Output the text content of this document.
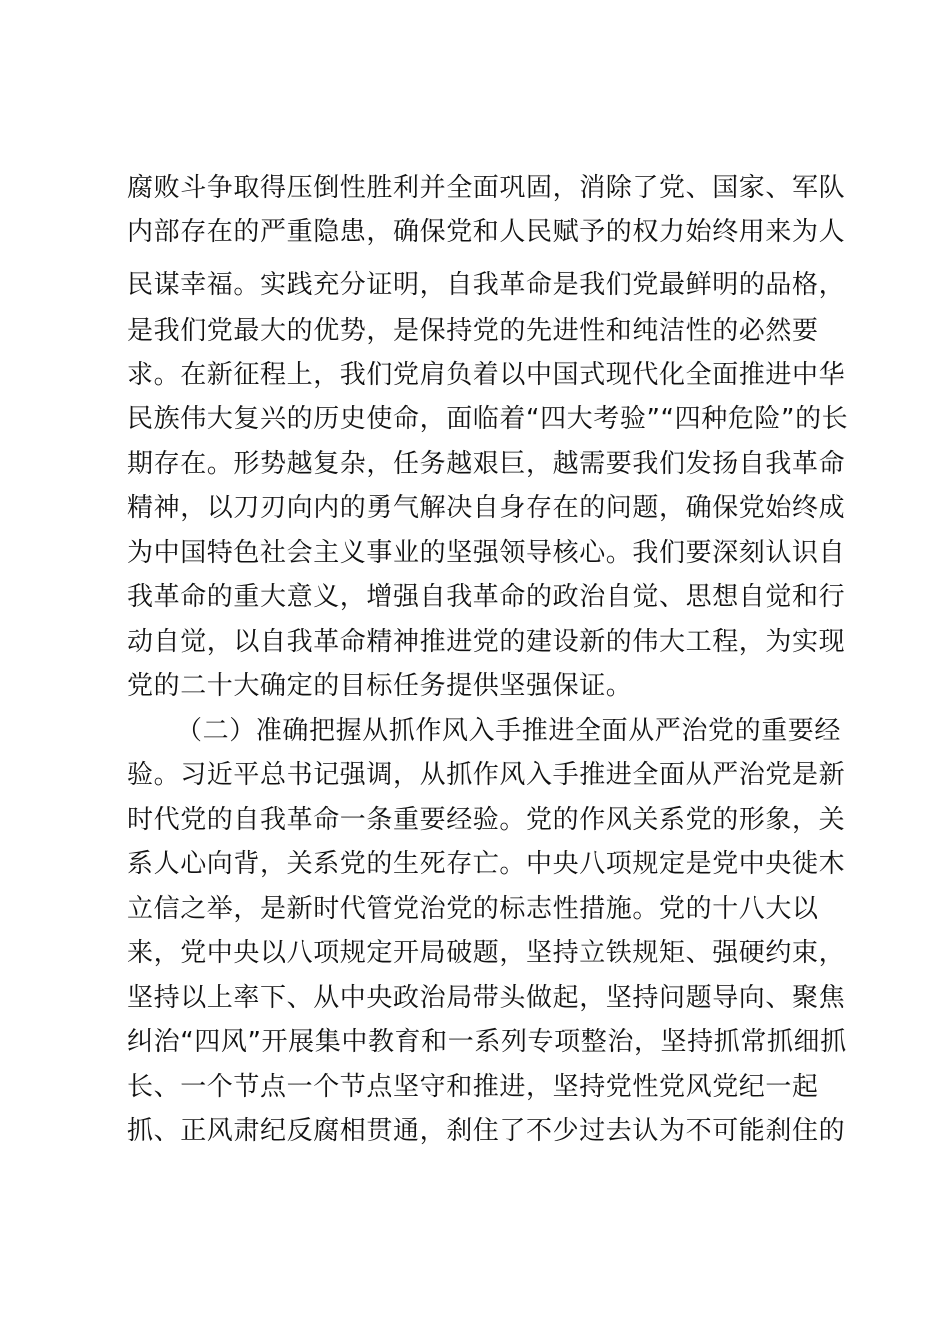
腐败斗争取得压倒性胜利并全面巩固，消除了党、国家、军队
内部存在的严重隐患，确保党和人民赋予的权力始终用来为人
民谋幸福。实践充分证明，自我革命是我们党最鲜明的品格，
是我们党最大的优势，是保持党的先进性和纯洁性的必然要
求。在新征程上，我们党肩负着以中国式现代化全面推进中华
民族伟大复兴的历史使命，面临着“四大考验”“四种危险”的长
期存在。形势越复杂，任务越艰巨，越需要我们发扬自我革命
精神，以刀刃向内的勇气解决自身存在的问题，确保党始终成
为中国特色社会主义事业的坚强领导核心。我们要深刻认识自
我革命的重大意义，增强自我革命的政治自觉、思想自觉和行
动自觉，以自我革命精神推进党的建设新的伟大工程，为实现
党的二十大确定的目标任务提供坚强保证。
（二）准确把握从抓作风入手推进全面从严治党的重要经
验。习近平总书记强调，从抓作风入手推进全面从严治党是新
时代党的自我革命一条重要经验。党的作风关系党的形象，关
系人心向背，关系党的生死存亡。中央八项规定是党中央徙木
立信之举，是新时代管党治党的标志性措施。党的十八大以
来，党中央以八项规定开局破题，坚持立铁规矩、强硬约束，
坚持以上率下、从中央政治局带头做起，坚持问题导向、聚焦
纠治“四风”开展集中教育和一系列专项整治，坚持抓常抓细抓
长、一个节点一个节点坚守和推进，坚持党性党风党纪一起
抓、正风肃纪反腐相贯通，刹住了不少过去认为不可能刹住的
